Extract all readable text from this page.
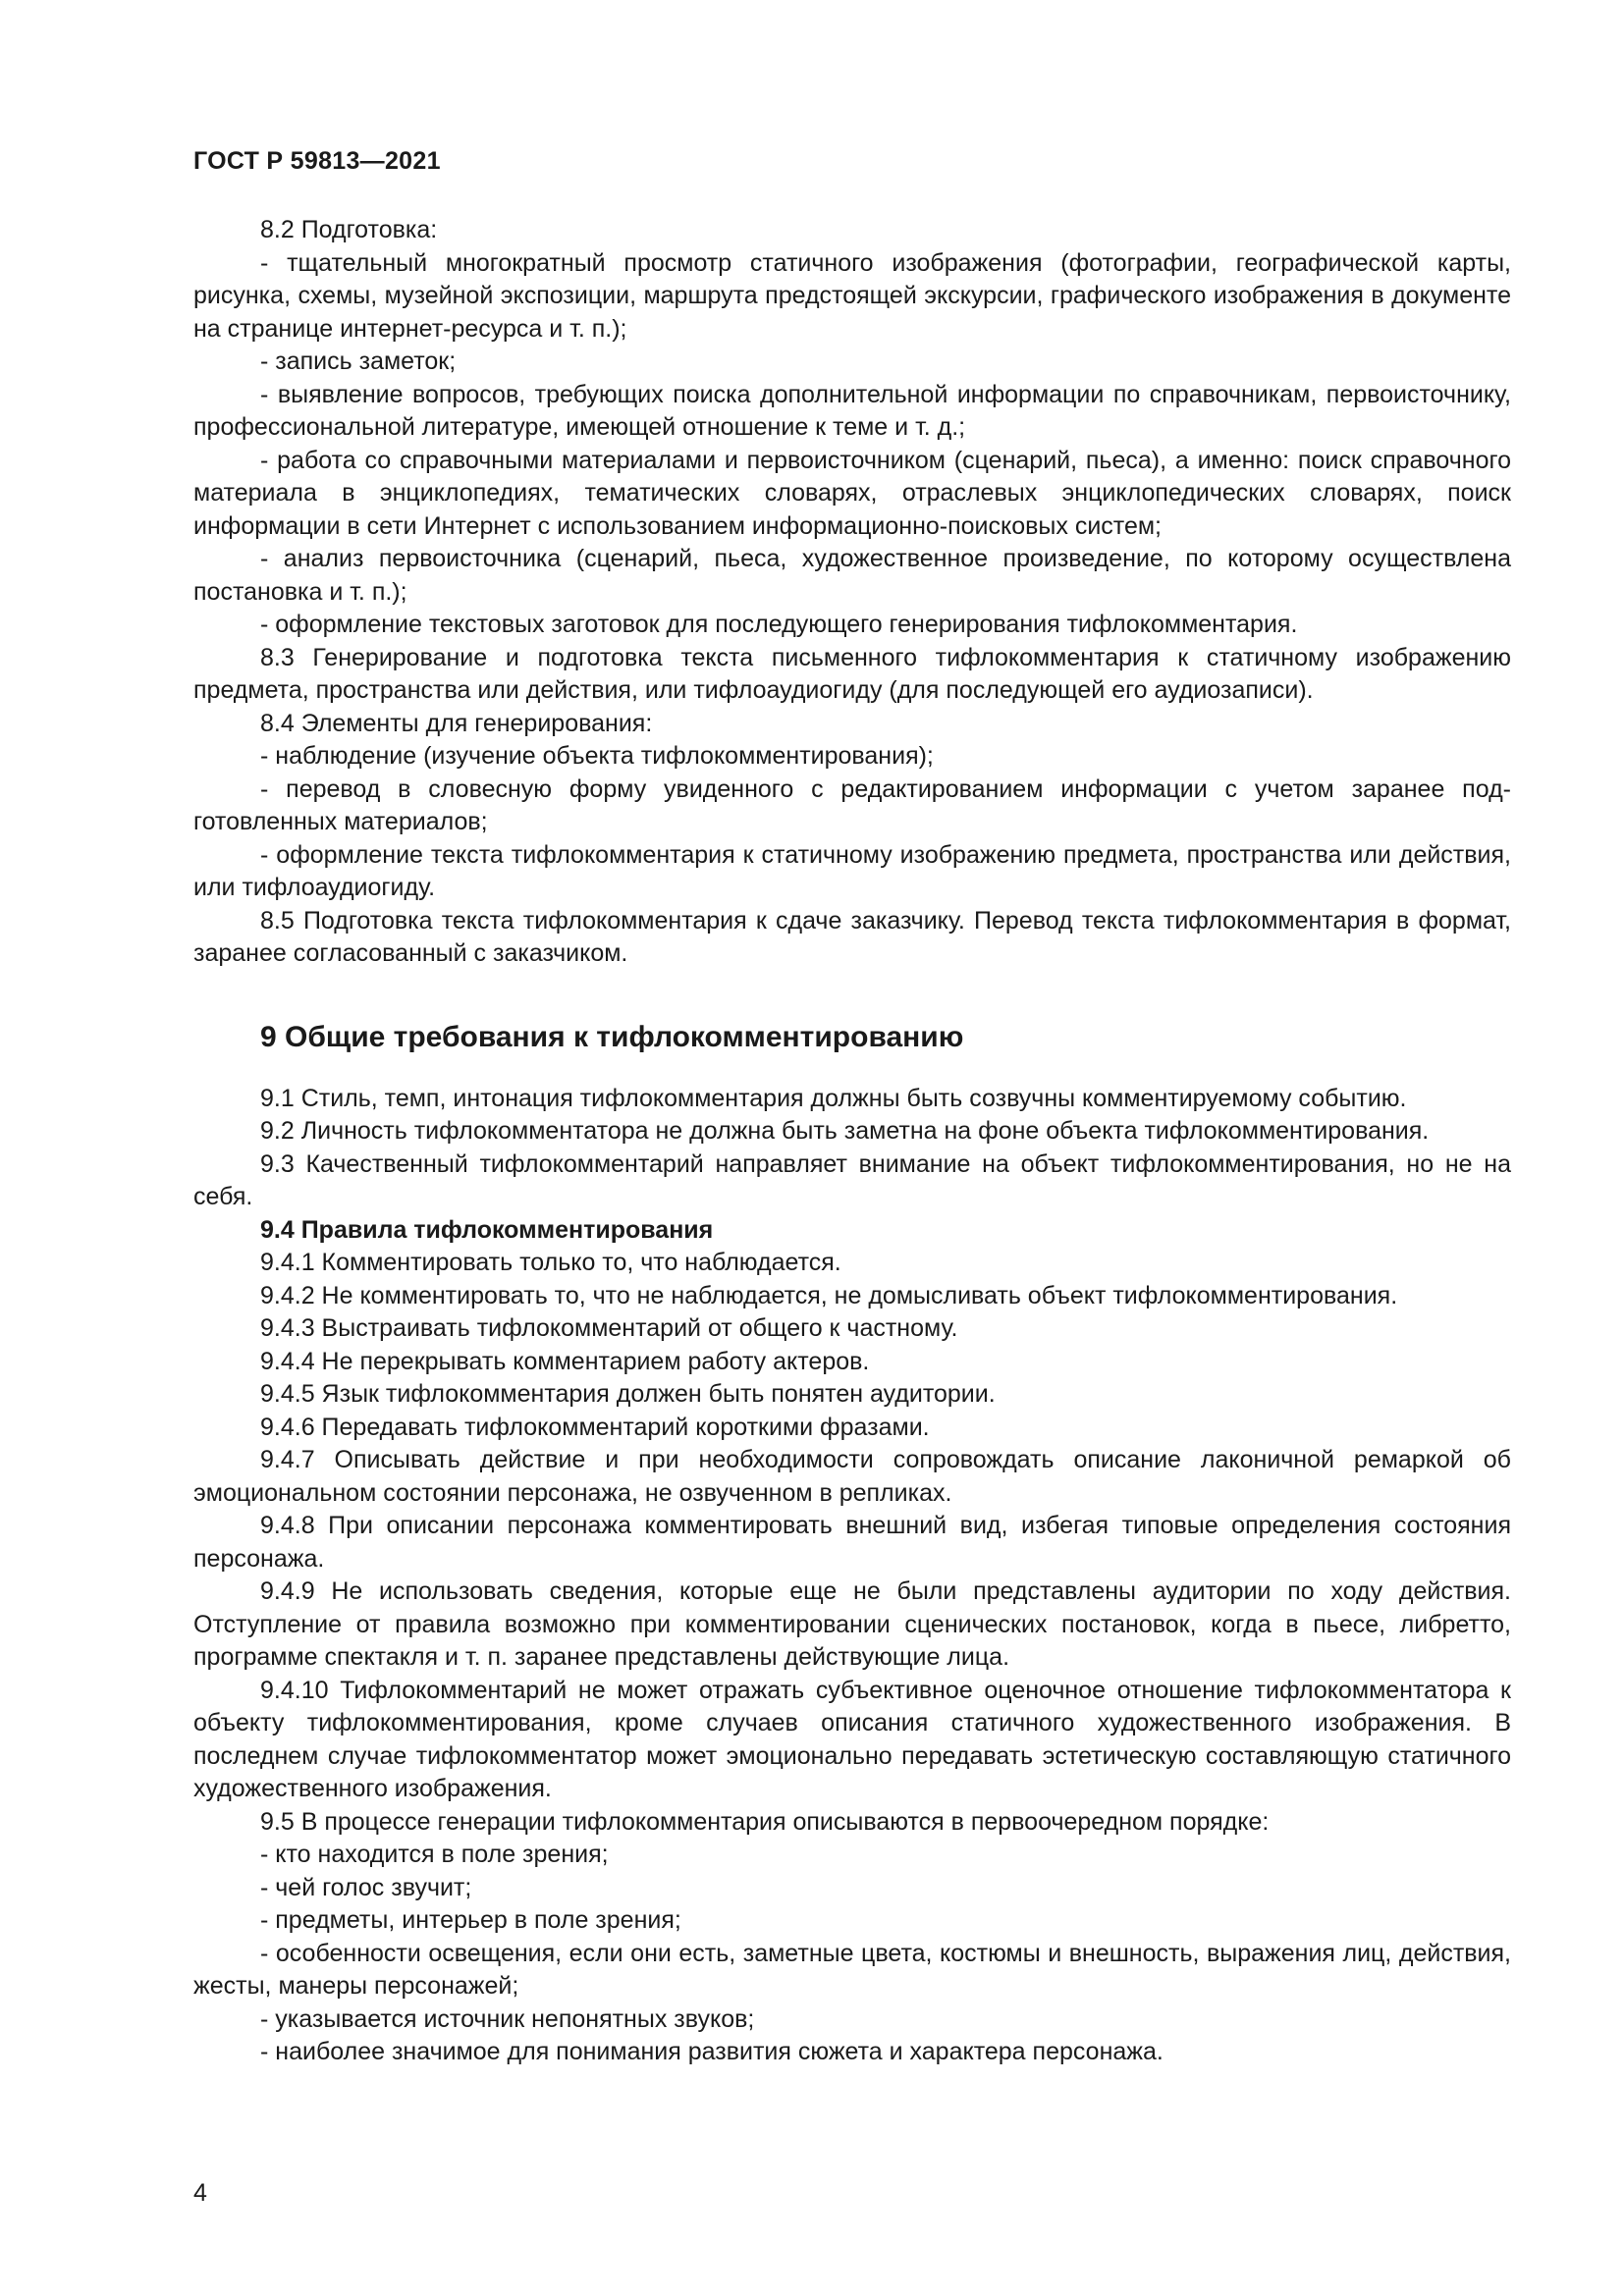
ГОСТ Р 59813—2021

8.2 Подготовка:

- тщательный многократный просмотр статичного изображения (фотографии, географической карты, рисунка, схемы, музейной экспозиции, маршрута предстоящей экскурсии, графического изображения в документе на странице интернет-ресурса и т. п.);

- запись заметок;

- выявление вопросов, требующих поиска дополнительной информации по справочникам, первоисточнику, профессиональной литературе, имеющей отношение к теме и т. д.;

- работа со справочными материалами и первоисточником (сценарий, пьеса), а именно: поиск справочного материала в энциклопедиях, тематических словарях, отраслевых энциклопедических словарях, поиск информации в сети Интернет с использованием информационно-поисковых систем;

- анализ первоисточника (сценарий, пьеса, художественное произведение, по которому осуществлена постановка и т. п.);

- оформление текстовых заготовок для последующего генерирования тифлокомментария.

8.3 Генерирование и подготовка текста письменного тифлокомментария к статичному изображению предмета, пространства или действия, или тифлоаудиогиду (для последующей его аудиозаписи).

8.4 Элементы для генерирования:

- наблюдение (изучение объекта тифлокомментирования);

- перевод в словесную форму увиденного с редактированием информации с учетом заранее подготовленных материалов;

- оформление текста тифлокомментария к статичному изображению предмета, пространства или действия, или тифлоаудиогиду.

8.5 Подготовка текста тифлокомментария к сдаче заказчику. Перевод текста тифлокомментария в формат, заранее согласованный с заказчиком.

9 Общие требования к тифлокомментированию

9.1 Стиль, темп, интонация тифлокомментария должны быть созвучны комментируемому событию.

9.2 Личность тифлокомментатора не должна быть заметна на фоне объекта тифлокомментирования.

9.3 Качественный тифлокомментарий направляет внимание на объект тифлокомментирования, но не на себя.

9.4 Правила тифлокомментирования

9.4.1 Комментировать только то, что наблюдается.

9.4.2 Не комментировать то, что не наблюдается, не домысливать объект тифлокомментирования.

9.4.3 Выстраивать тифлокомментарий от общего к частному.

9.4.4 Не перекрывать комментарием работу актеров.

9.4.5 Язык тифлокомментария должен быть понятен аудитории.

9.4.6 Передавать тифлокомментарий короткими фразами.

9.4.7 Описывать действие и при необходимости сопровождать описание лаконичной ремаркой об эмоциональном состоянии персонажа, не озвученном в репликах.

9.4.8 При описании персонажа комментировать внешний вид, избегая типовые определения состояния персонажа.

9.4.9 Не использовать сведения, которые еще не были представлены аудитории по ходу действия. Отступление от правила возможно при комментировании сценических постановок, когда в пьесе, либретто, программе спектакля и т. п. заранее представлены действующие лица.

9.4.10 Тифлокомментарий не может отражать субъективное оценочное отношение тифлокомментатора к объекту тифлокомментирования, кроме случаев описания статичного художественного изображения. В последнем случае тифлокомментатор может эмоционально передавать эстетическую составляющую статичного художественного изображения.

9.5 В процессе генерации тифлокомментария описываются в первоочередном порядке:

- кто находится в поле зрения;

- чей голос звучит;

- предметы, интерьер в поле зрения;

- особенности освещения, если они есть, заметные цвета, костюмы и внешность, выражения лиц, действия, жесты, манеры персонажей;

- указывается источник непонятных звуков;

- наиболее значимое для понимания развития сюжета и характера персонажа.

4
